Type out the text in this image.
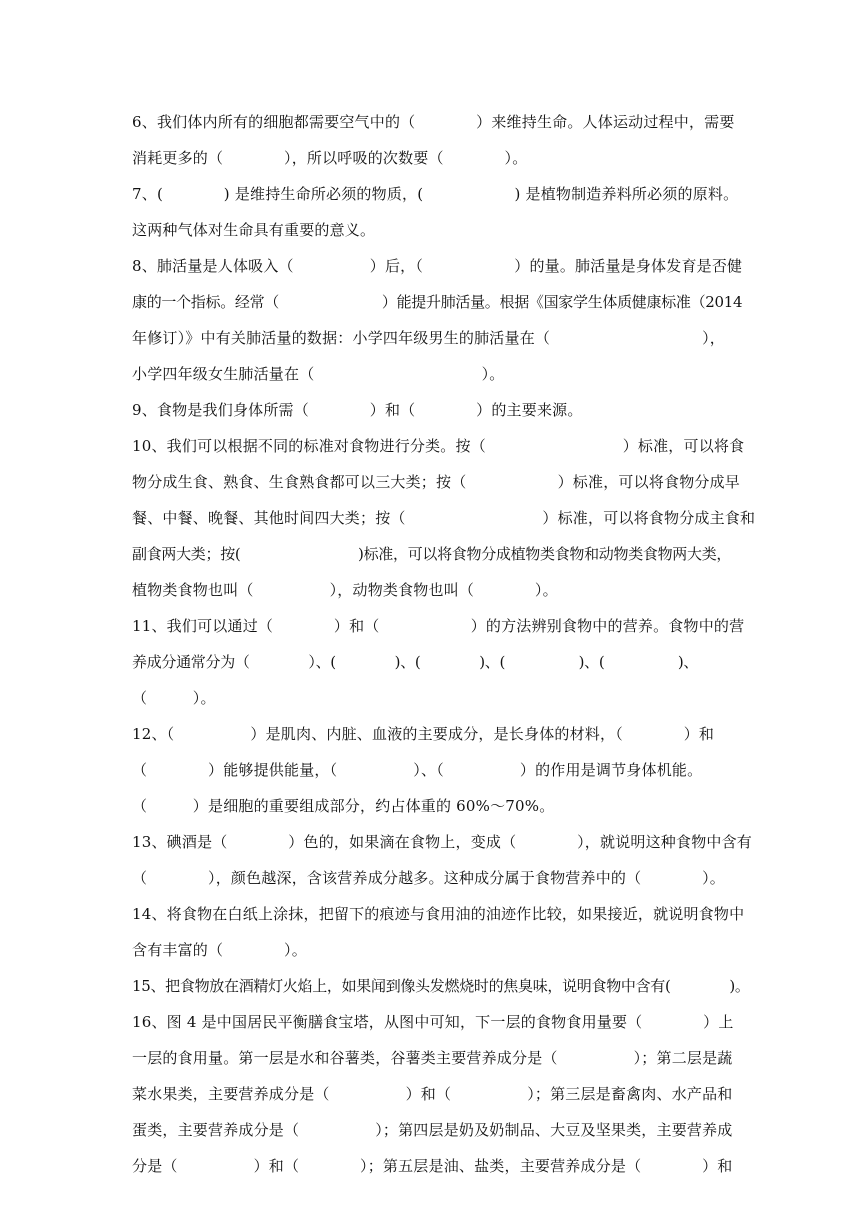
6、我们体内所有的细胞都需要空气中的（　　　　）来维持生命。人体运动过程中，需要
消耗更多的（　　　　），所以呼吸的次数要（　　　　）。
7、(　　　　) 是维持生命所必须的物质，(　　　　　　) 是植物制造养料所必须的原料。
这两种气体对生命具有重要的意义。
8、肺活量是人体吸入（　　　　　）后，（　　　　　　）的量。肺活量是身体发育是否健
康的一个指标。经常（　　　　　　　）能提升肺活量。根据《国家学生体质健康标准（2014
年修订）》中有关肺活量的数据：小学四年级男生的肺活量在（　　　　　　　　　　），
小学四年级女生肺活量在（　　　　　　　　　　　）。
9、食物是我们身体所需（　　　　）和（　　　　）的主要来源。
10、我们可以根据不同的标准对食物进行分类。按（　　　　　　　　　）标准，可以将食
物分成生食、熟食、生食熟食都可以三大类；按（　　　　　　）标准，可以将食物分成早
餐、中餐、晚餐、其他时间四大类；按（　　　　　　　　　）标准，可以将食物分成主食和
副食两大类；按(　　　　　　　　)标准，可以将食物分成植物类食物和动物类食物两大类，
植物类食物也叫（　　　　　），动物类食物也叫（　　　　）。
11、我们可以通过（　　　　）和（　　　　　　）的方法辨别食物中的营养。食物中的营
养成分通常分为（　　　　）、(　　　　)、(　　　　)、(　　　　　)、(　　　　　)、
（　　　）。
12、（　　　　　）是肌肉、内脏、血液的主要成分，是长身体的材料，（　　　　）和
（　　　　）能够提供能量，（　　　　　）、（　　　　　）的作用是调节身体机能。
（　　　）是细胞的重要组成部分，约占体重的 60%～70%。
13、碘酒是（　　　　）色的，如果滴在食物上，变成（　　　　），就说明这种食物中含有
（　　　　），颜色越深，含该营养成分越多。这种成分属于食物营养中的（　　　　）。
14、将食物在白纸上涂抹，把留下的痕迹与食用油的油迹作比较，如果接近，就说明食物中
含有丰富的（　　　　）。
15、把食物放在酒精灯火焰上，如果闻到像头发燃烧时的焦臭味，说明食物中含有(　　　　)。
16、图 4 是中国居民平衡膳食宝塔，从图中可知，下一层的食物食用量要（　　　　）上
一层的食用量。第一层是水和谷薯类，谷薯类主要营养成分是（　　　　　）；第二层是蔬
菜水果类，主要营养成分是（　　　　　）和（　　　　　）；第三层是畜禽肉、水产品和
蛋类，主要营养成分是（　　　　　）；第四层是奶及奶制品、大豆及坚果类，主要营养成
分是（　　　　　）和（　　　　）；第五层是油、盐类，主要营养成分是（　　　　）和
